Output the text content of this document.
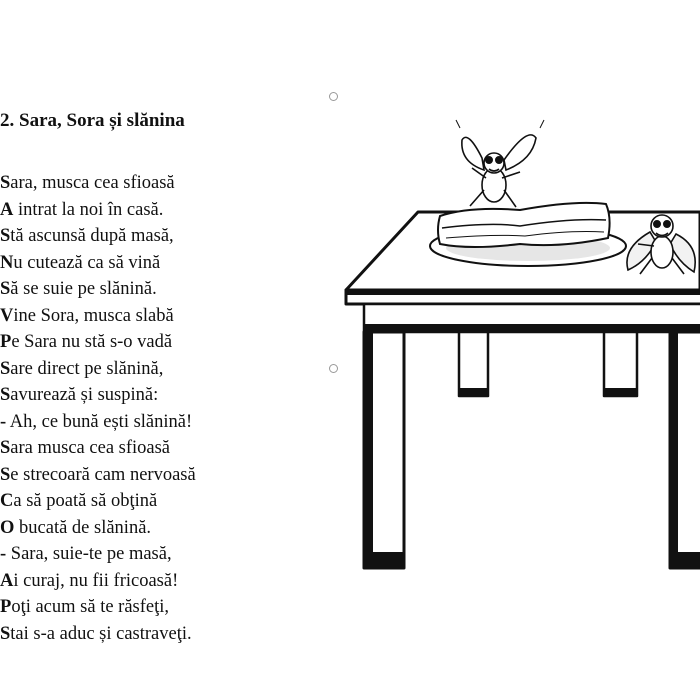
2. Sara, Sora și slănina
Sara, musca cea sfioasă
A intrat la noi în casă.
Stă ascunsă după masă,
Nu cutează ca să vină
Să se suie pe slănină.
Vine Sora, musca slabă
Pe Sara nu stă s-o vadă
Sare direct pe slănină,
Savurează și suspină:
- Ah, ce bună ești slănină!
Sara musca cea sfioasă
Se strecoară cam nervoasă
Ca să poată să obţină
O bucată de slănină.
- Sara, suie-te pe masă,
Ai curaj, nu fii fricoasă!
Poţi acum să te răsfeţi,
Stai s-a aduc și castraveţi.
